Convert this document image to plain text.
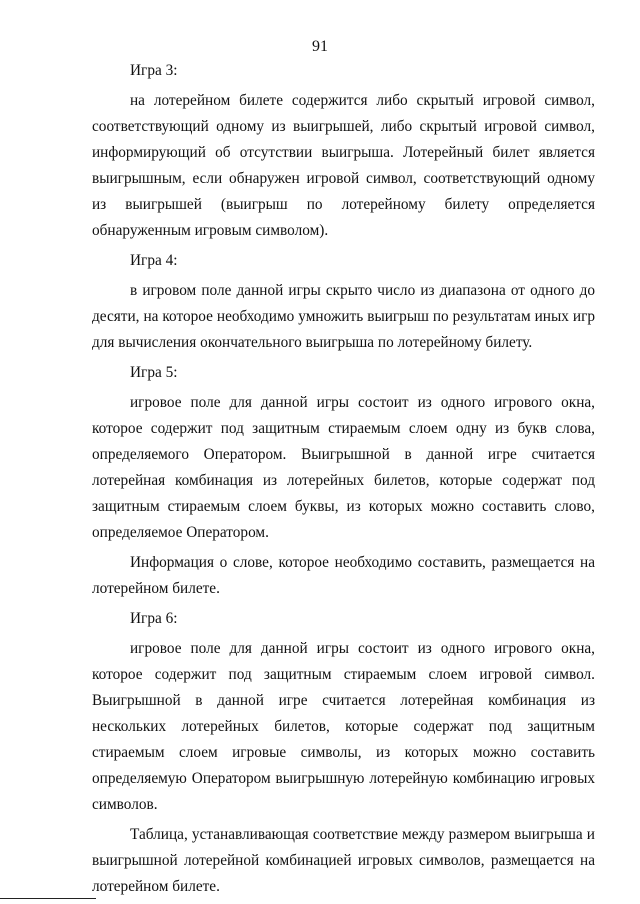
91

Игра 3:

на лотерейном билете содержится либо скрытый игровой символ, соответствующий одному из выигрышей, либо скрытый игровой символ, информирующий об отсутствии выигрыша. Лотерейный билет является выигрышным, если обнаружен игровой символ, соответствующий одному из выигрышей (выигрыш по лотерейному билету определяется обнаруженным игровым символом).

Игра 4:

в игровом поле данной игры скрыто число из диапазона от одного до десяти, на которое необходимо умножить выигрыш по результатам иных игр для вычисления окончательного выигрыша по лотерейному билету.

Игра 5:

игровое поле для данной игры состоит из одного игрового окна, которое содержит под защитным стираемым слоем одну из букв слова, определяемого Оператором. Выигрышной в данной игре считается лотерейная комбинация из лотерейных билетов, которые содержат под защитным стираемым слоем буквы, из которых можно составить слово, определяемое Оператором.

Информация о слове, которое необходимо составить, размещается на лотерейном билете.

Игра 6:

игровое поле для данной игры состоит из одного игрового окна, которое содержит под защитным стираемым слоем игровой символ. Выигрышной в данной игре считается лотерейная комбинация из нескольких лотерейных билетов, которые содержат под защитным стираемым слоем игровые символы, из которых можно составить определяемую Оператором выигрышную лотерейную комбинацию игровых символов.

Таблица, устанавливающая соответствие между размером выигрыша и выигрышной лотерейной комбинацией игровых символов, размещается на лотерейном билете.
